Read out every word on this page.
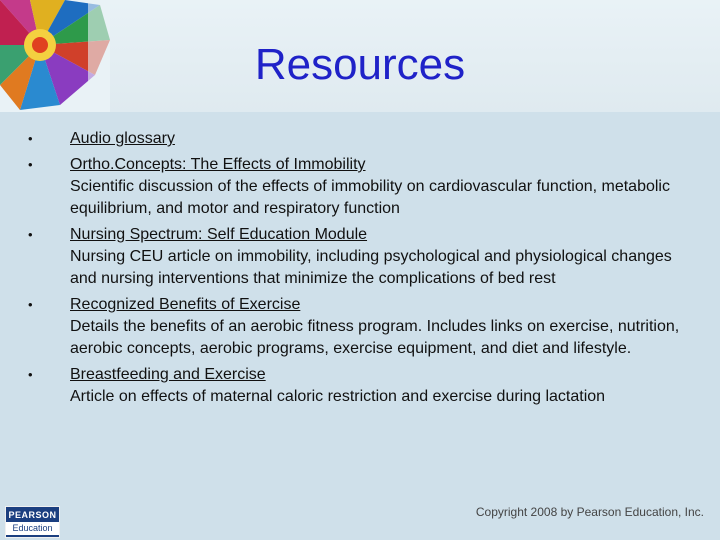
Resources
• Audio glossary
• Ortho.Concepts: The Effects of Immobility
Scientific discussion of the effects of immobility on cardiovascular function, metabolic equilibrium, and motor and respiratory function
• Nursing Spectrum: Self Education Module
Nursing CEU article on immobility, including psychological and physiological changes and nursing interventions that minimize the complications of bed rest
• Recognized Benefits of Exercise
Details the benefits of an aerobic fitness program. Includes links on exercise, nutrition, aerobic concepts, aerobic programs, exercise equipment, and diet and lifestyle.
• Breastfeeding and Exercise
Article on effects of maternal caloric restriction and exercise during lactation
PEARSON
Education
Copyright 2008 by Pearson Education, Inc.
